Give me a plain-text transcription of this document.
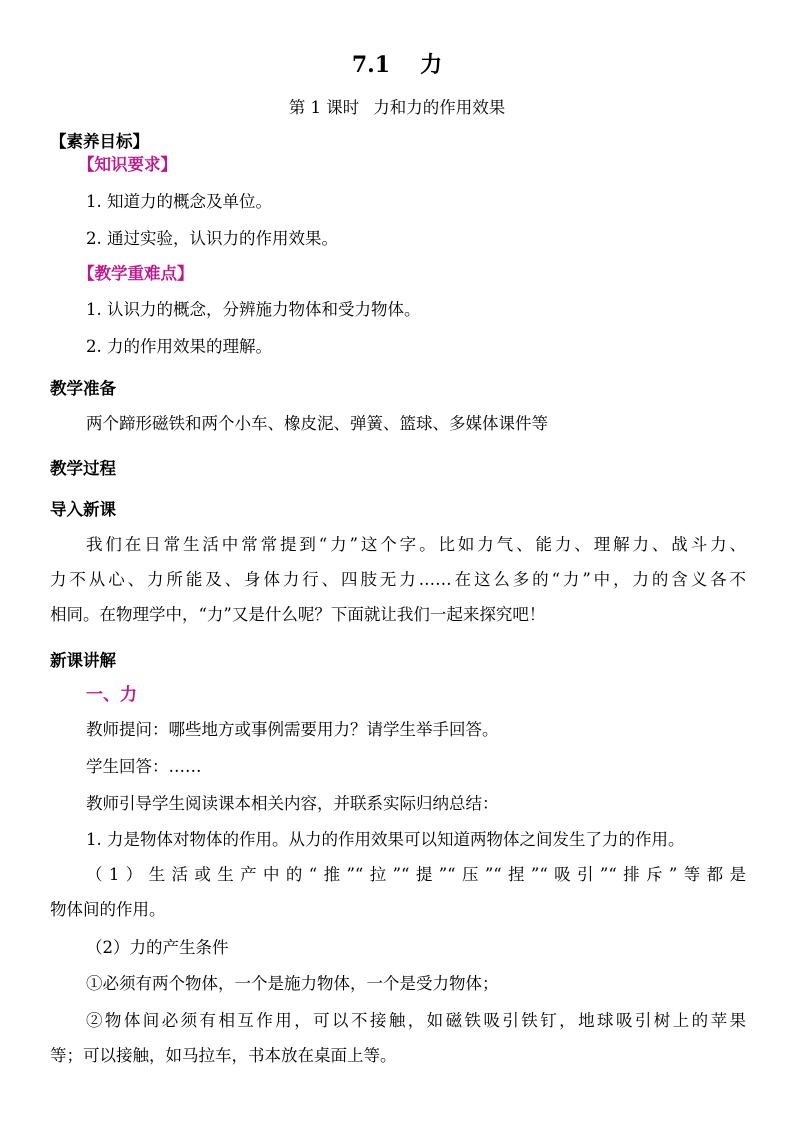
7.1 力
第 1 课时 力和力的作用效果
【素养目标】
【知识要求】
1. 知道力的概念及单位。
2. 通过实验，认识力的作用效果。
【教学重难点】
1. 认识力的概念，分辨施力物体和受力物体。
2. 力的作用效果的理解。
教学准备
两个蹄形磁铁和两个小车、橡皮泥、弹簧、篮球、多媒体课件等
教学过程
导入新课
我们在日常生活中常常提到“力”这个字。比如力气、能力、理解力、战斗力、
力不从心、力所能及、身体力行、四肢无力……在这么多的“力”中，力的含义各不
相同。在物理学中，“力”又是什么呢？下面就让我们一起来探究吧！
新课讲解
一、力
教师提问：哪些地方或事例需要用力？请学生举手回答。
学生回答：……
教师引导学生阅读课本相关内容，并联系实际归纳总结：
1. 力是物体对物体的作用。从力的作用效果可以知道两物体之间发生了力的作用。
（1）生活或生产中的“推”“拉”“提”“压”“捏”“吸引”“排斥”等都是
物体间的作用。
（2）力的产生条件
①必须有两个物体，一个是施力物体，一个是受力物体；
②物体间必须有相互作用，可以不接触，如磁铁吸引铁钉，地球吸引树上的苹果
等；可以接触，如马拉车，书本放在桌面上等。
